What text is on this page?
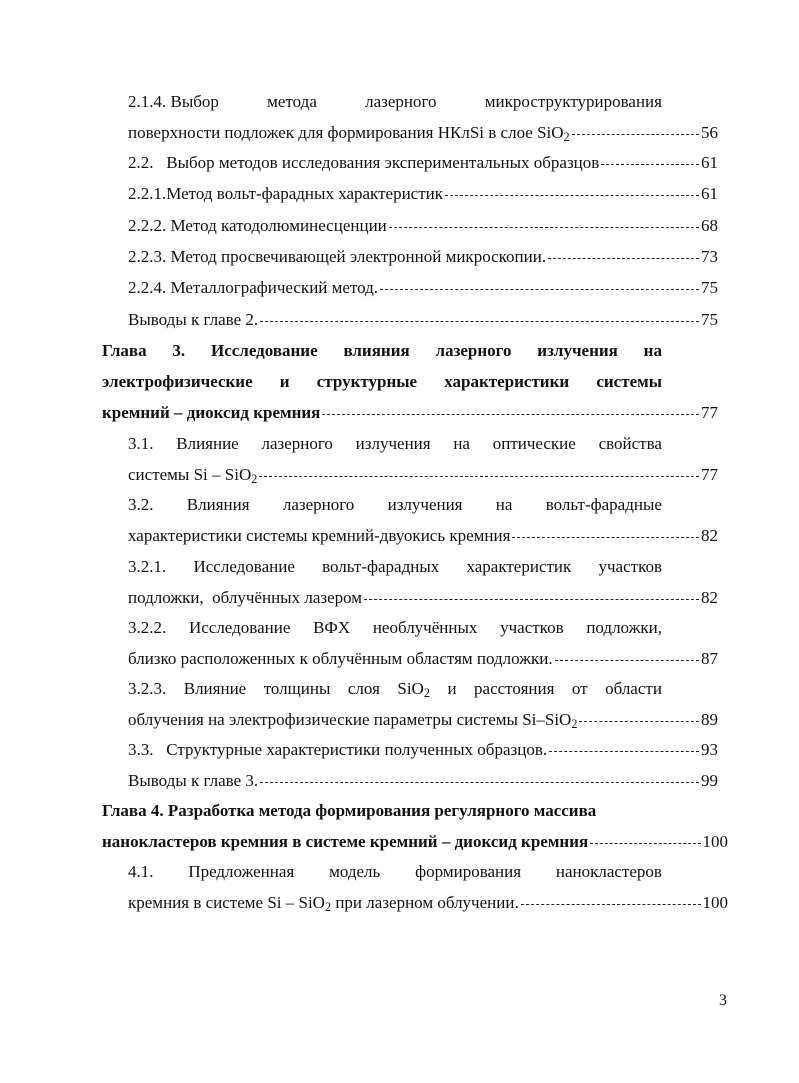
2.1.4. Выбор	метода	лазерного	микроструктурирования
поверхности подложек для формирования НКлSi в слое SiO$_2$	56
2.2.   Выбор методов исследования экспериментальных образцов	61
2.2.1.Метод вольт-фарадных характеристик	61
2.2.2. Метод катодолюминесценции	68
2.2.3. Метод просвечивающей электронной микроскопии.	73
2.2.4. Металлографический метод.	75
Выводы к главе 2.	75
Глава 3. Исследование влияния лазерного излучения на
электрофизические и структурные характеристики системы
кремний – диоксид кремния	77
3.1. Влияние лазерного излучения на оптические свойства
системы Si – SiO$_2$	77
3.2. Влияния лазерного излучения на вольт-фарадные
характеристики системы кремний-двуокись кремния	82
3.2.1. Исследование вольт-фарадных характеристик участков
подложки,  облучённых лазером	82
3.2.2. Исследование ВФХ необлучённых участков подложки,
близко расположенных к облучённым областям подложки.	87
3.2.3. Влияние толщины слоя SiO$_2$ и расстояния от области
облучения на электрофизические параметры системы Si–SiO$_2$	89
3.3.   Структурные характеристики полученных образцов.	93
Выводы к главе 3.	99
Глава 4. Разработка метода формирования регулярного массива
нанокластеров кремния в системе кремний – диоксид кремния	100
4.1. Предложенная модель формирования нанокластеров
кремния в системе Si – SiO$_2$ при лазерном облучении.	100
3
